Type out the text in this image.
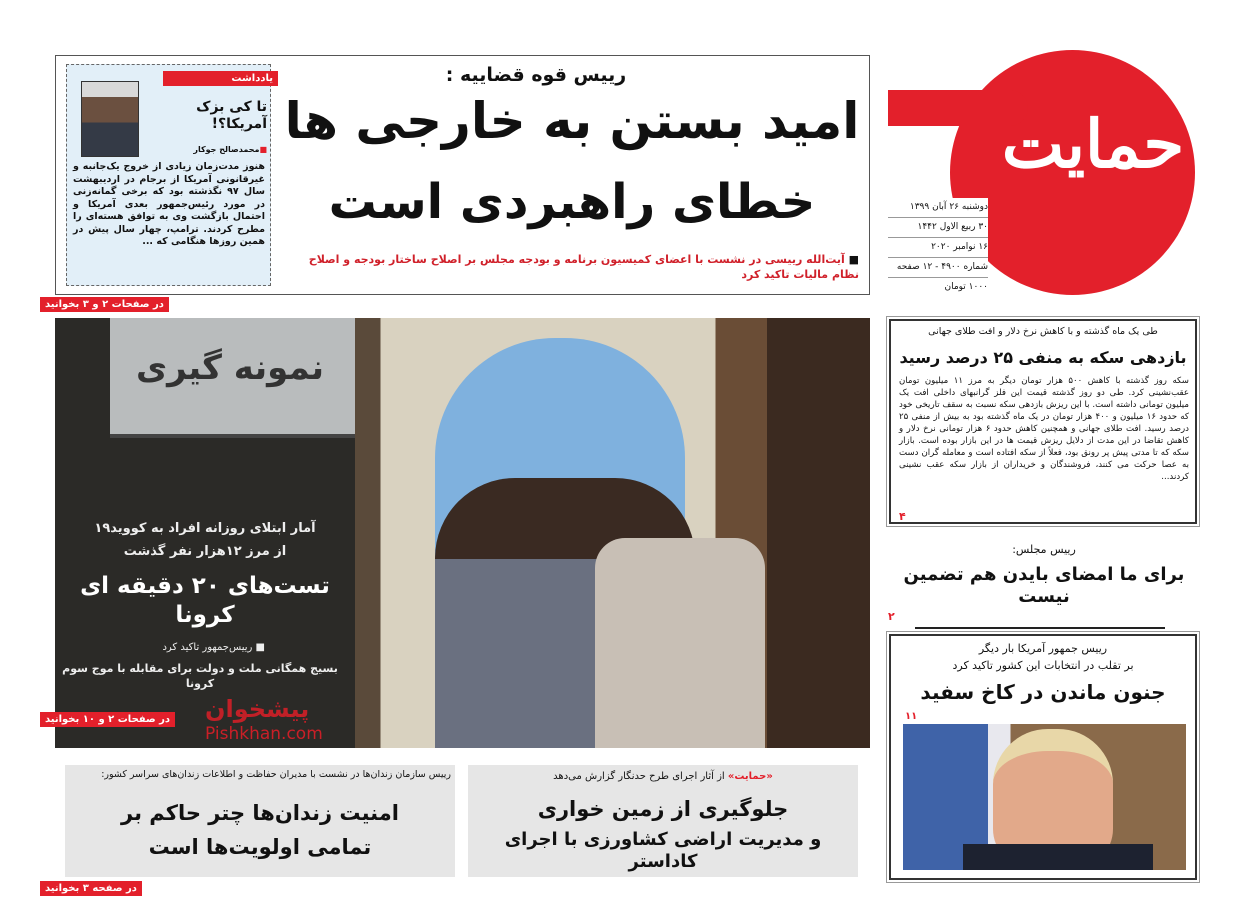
حمایت
دوشنبه ۲۶ آبان ۱۳۹۹
۳۰ ربیع الاول ۱۴۴۲
۱۶ نوامبر ۲۰۲۰
شماره ۴۹۰۰ - ۱۲ صفحه
۱۰۰۰ تومان
رییس قوه قضاییه :
امید بستن به خارجی ها
خطای راهبردی است
■ آیت‌الله رییسی در نشست با اعضای کمیسیون برنامه و بودجه مجلس بر اصلاح ساختار بودجه و اصلاح نظام مالیات تاکید کرد
یادداشت
تا کی بزک آمریکا؟!
■محمدصالح جوکار
هنوز مدت‌زمان زیادی از خروج یک‌جانبه و غیرقانونی آمریکا از برجام در اردیبهشت سال ۹۷ نگذشته بود که برخی گمانه‌زنی در مورد رئیس‌جمهور بعدی آمریکا و احتمال بازگشت وی به توافق هسته‌ای را مطرح کردند. ترامپ، چهار سال پیش در همین روزها هنگامی که ...
در صفحات ۲ و ۳ بخوانید
نمونه گیری
آمار ابتلای روزانه افراد به کووید۱۹
از مرز ۱۲هزار نفر گذشت
تست‌های ۲۰ دقیقه ای کرونا
■ رییس‌جمهور تاکید کرد
بسیج همگانی ملت و دولت برای مقابله با موج سوم کرونا
پیشخوان
Pishkhan.com
در صفحات ۲ و ۱۰ بخوانید
رییس سازمان زندان‌ها در نشست با مدیران حفاظت و اطلاعات زندان‌های سراسر کشور:
امنیت زندان‌ها چتر حاکم بر
تمامی اولویت‌ها است
در صفحه ۳ بخوانید
«حمایت» از آثار اجرای طرح حدنگار گزارش می‌دهد
جلوگیری از زمین خواری
و مدیریت اراضی کشاورزی با اجرای کاداستر
طی یک ماه گذشته و با کاهش نرخ دلار و افت طلای جهانی
بازدهی سکه به منفی ۲۵ درصد رسید
سکه روز گذشته با کاهش ۵۰۰ هزار تومان دیگر به مرز ۱۱ میلیون تومان عقب‌نشینی کرد. طی دو روز گذشته قیمت این فلز گرانبهای داخلی افت یک میلیون تومانی داشته است. با این ریزش بازدهی سکه نسبت به سقف تاریخی خود که حدود ۱۶ میلیون و ۴۰۰ هزار تومان در یک ماه گذشته بود به بیش از منفی ۲۵ درصد رسید. افت طلای جهانی و همچنین کاهش حدود ۶ هزار تومانی نرخ دلار و کاهش تقاضا در این مدت از دلایل ریزش قیمت ها در این بازار بوده است. بازار سکه که تا مدتی پیش پر رونق بود، فعلاً از سکه افتاده است و معامله گران دست به عصا حرکت می کنند، فروشندگان و خریداران از بازار سکه عقب نشینی کردند...
۴
رییس مجلس:
برای ما امضای بایدن هم تضمین نیست
۲
رییس جمهور آمریکا بار دیگر
بر تقلب در انتخابات این کشور تاکید کرد
جنون ماندن در کاخ سفید
۱۱
